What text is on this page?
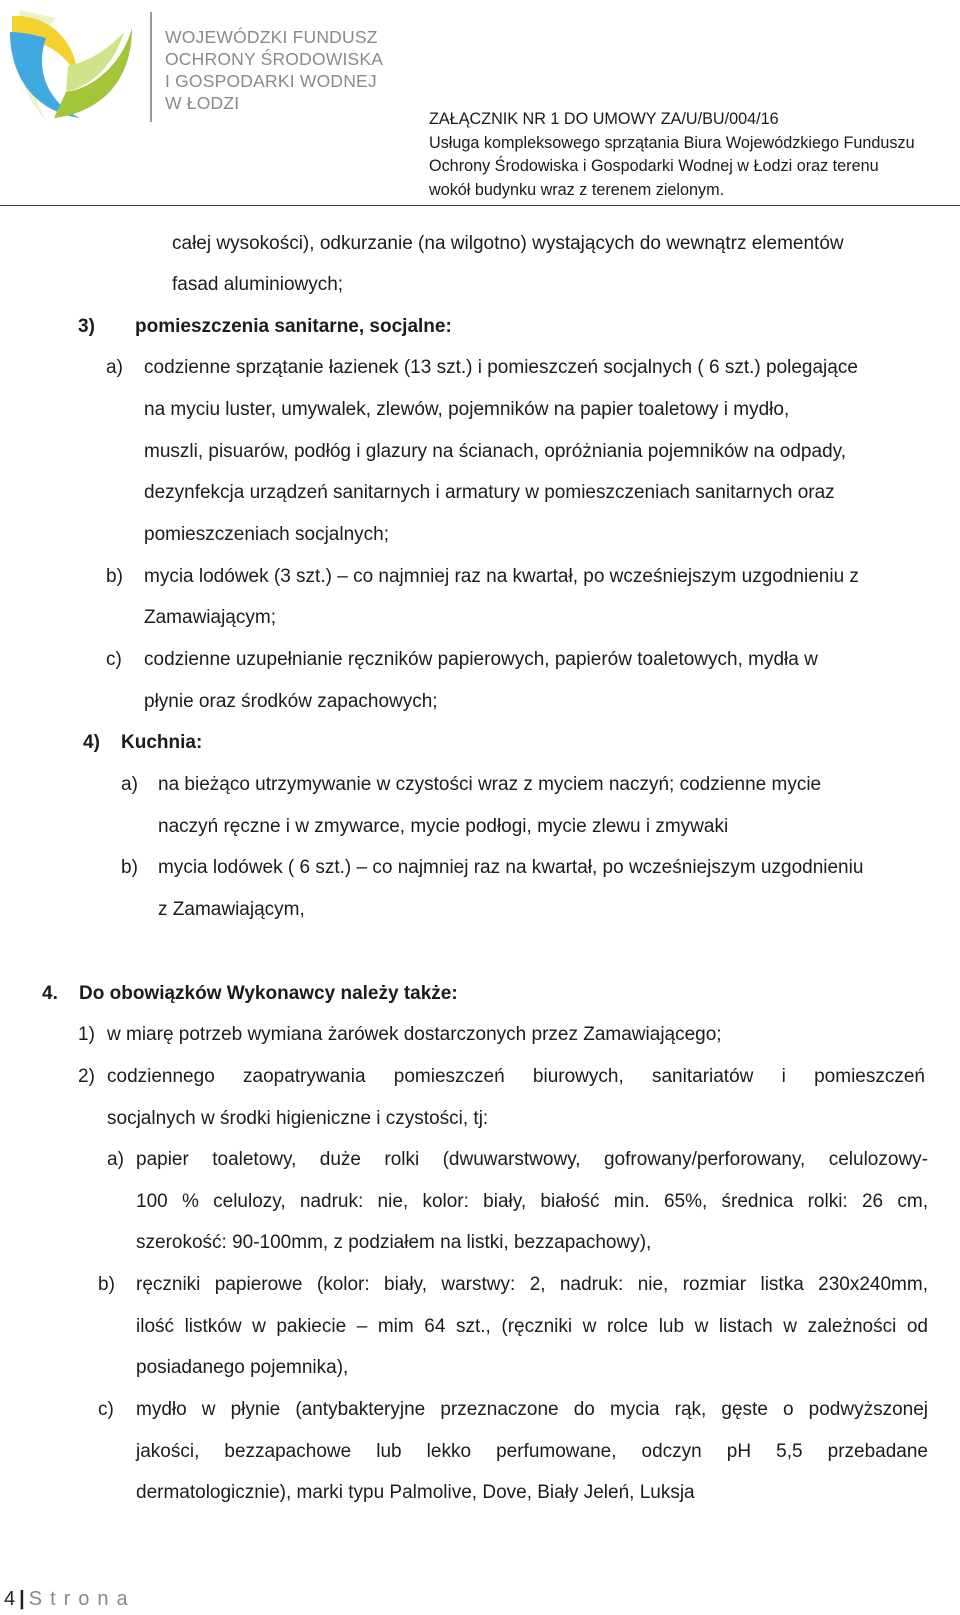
WOJEWÓDZKI FUNDUSZ
OCHRONY ŚRODOWISKA
I GOSPODARKI WODNEJ
W ŁODZI
ZAŁĄCZNIK NR 1 DO UMOWY ZA/U/BU/004/16
Usługa kompleksowego sprzątania Biura Wojewódzkiego Funduszu
Ochrony Środowiska i Gospodarki Wodnej w Łodzi oraz terenu
wokół budynku wraz z terenem zielonym.
całej wysokości), odkurzanie (na wilgotno) wystających do wewnątrz elementów
fasad aluminiowych;
3) pomieszczenia sanitarne, socjalne:
a) codzienne sprzątanie łazienek (13 szt.) i pomieszczeń socjalnych ( 6 szt.) polegające
na myciu luster, umywalek, zlewów, pojemników na papier toaletowy i mydło,
muszli, pisuarów, podłóg i glazury na ścianach, opróżniania pojemników na odpady,
dezynfekcja urządzeń sanitarnych i armatury w pomieszczeniach sanitarnych oraz
pomieszczeniach socjalnych;
b) mycia lodówek (3 szt.) – co najmniej raz na kwartał, po wcześniejszym uzgodnieniu z
Zamawiającym;
c) codzienne uzupełnianie ręczników papierowych, papierów toaletowych, mydła w
płynie oraz środków zapachowych;
4) Kuchnia:
a) na bieżąco utrzymywanie w czystości wraz z myciem naczyń; codzienne mycie
naczyń ręczne i w zmywarce, mycie podłogi, mycie zlewu i zmywaki
b) mycia lodówek ( 6 szt.) – co najmniej raz na kwartał, po wcześniejszym uzgodnieniu
z Zamawiającym,
4. Do obowiązków Wykonawcy należy także:
1) w miarę potrzeb wymiana żarówek dostarczonych przez Zamawiającego;
2) codziennego zaopatrywania pomieszczeń biurowych, sanitariatów i pomieszczeń
socjalnych w środki higieniczne i czystości, tj:
a) papier toaletowy, duże rolki (dwuwarstwowy, gofrowany/perforowany, celulozowy-
100 % celulozy, nadruk: nie, kolor: biały, białość min. 65%, średnica rolki: 26 cm,
szerokość: 90-100mm, z podziałem na listki, bezzapachowy),
b) ręczniki papierowe (kolor: biały, warstwy: 2, nadruk: nie, rozmiar listka 230x240mm,
ilość listków w pakiecie – mim 64 szt., (ręczniki w rolce lub w listach w zależności od
posiadanego pojemnika),
c) mydło w płynie (antybakteryjne przeznaczone do mycia rąk, gęste o podwyższonej
jakości, bezzapachowe lub lekko perfumowane, odczyn pH 5,5 przebadane
dermatologicznie), marki typu Palmolive, Dove, Biały Jeleń, Luksja
4 | Strona
